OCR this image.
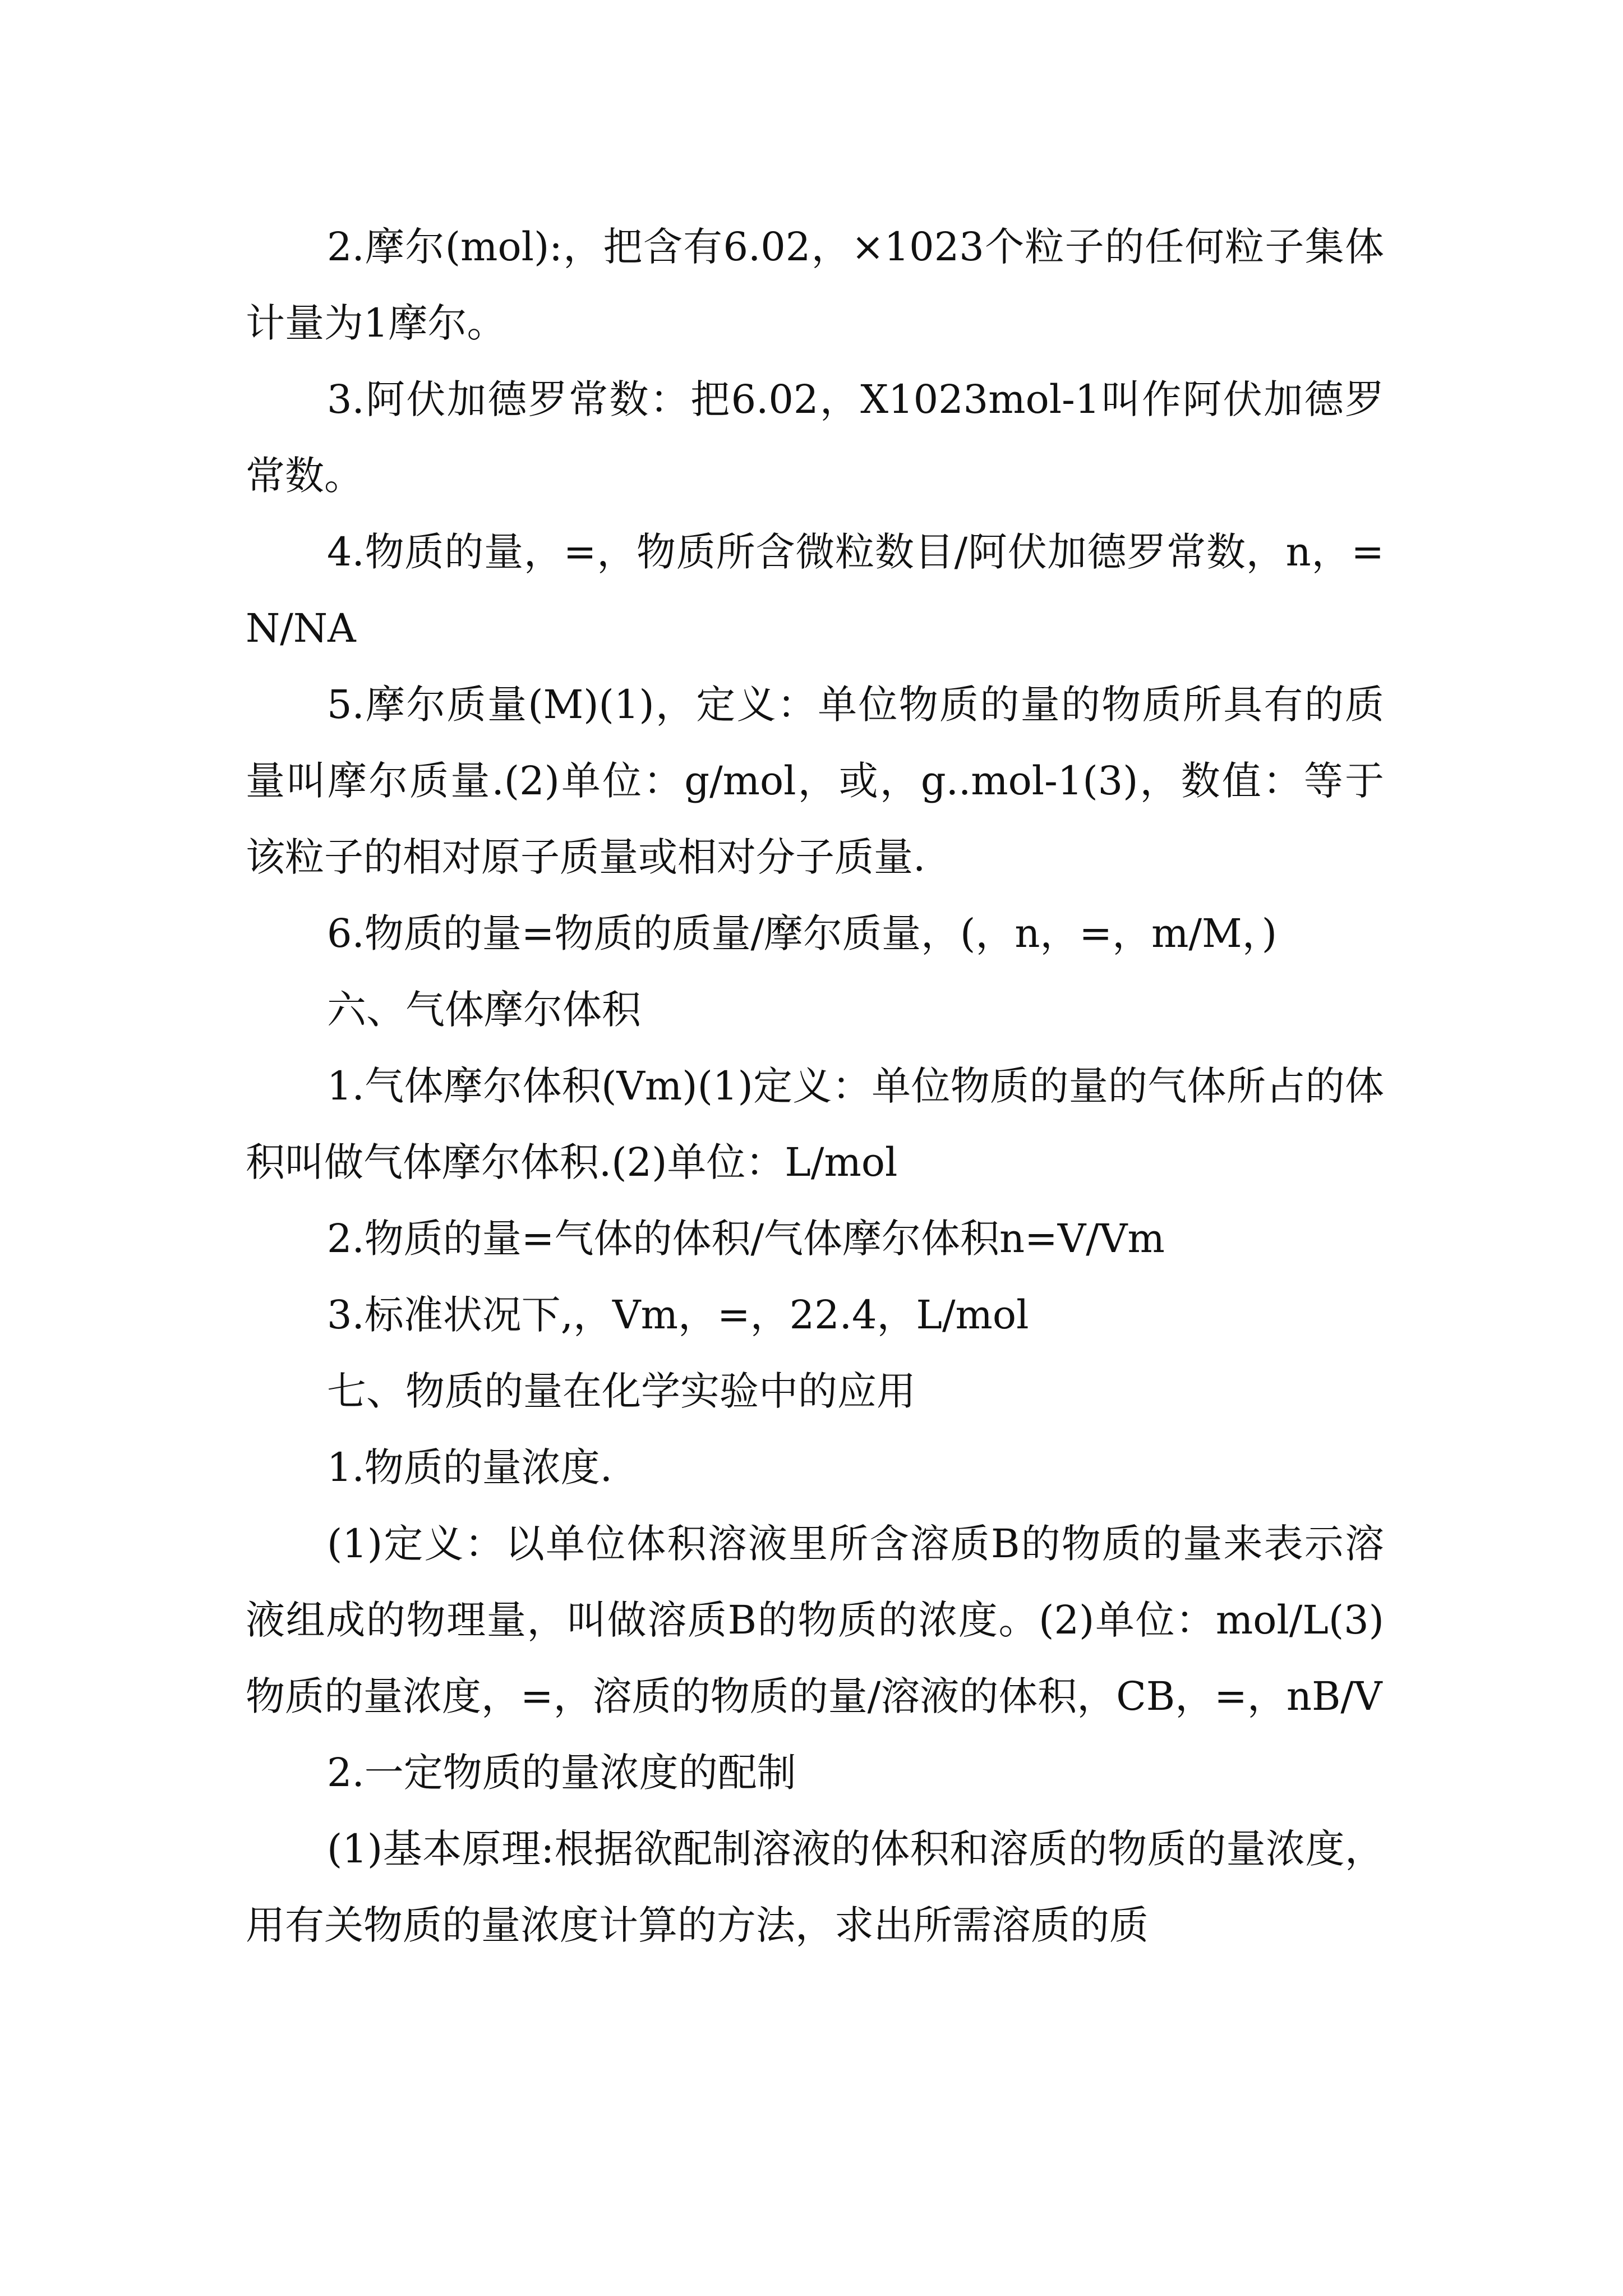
2.摩尔(mol):，把含有6.02，×1023个粒子的任何粒子集体计量为1摩尔。

3.阿伏加德罗常数：把6.02，X1023mol-1叫作阿伏加德罗常数。

4.物质的量，=，物质所含微粒数目/阿伏加德罗常数，n，=N/NA

5.摩尔质量(M)(1)，定义：单位物质的量的物质所具有的质量叫摩尔质量.(2)单位：g/mol，或，g..mol-1(3)，数值：等于该粒子的相对原子质量或相对分子质量.

6.物质的量=物质的质量/摩尔质量，(，n，=，m/M，)

六、气体摩尔体积

1.气体摩尔体积(Vm)(1)定义：单位物质的量的气体所占的体积叫做气体摩尔体积.(2)单位：L/mol

2.物质的量=气体的体积/气体摩尔体积n=V/Vm

3.标准状况下,，Vm，=，22.4，L/mol

七、物质的量在化学实验中的应用

1.物质的量浓度.

(1)定义：以单位体积溶液里所含溶质B的物质的量来表示溶液组成的物理量，叫做溶质B的物质的浓度。(2)单位：mol/L(3)物质的量浓度，=，溶质的物质的量/溶液的体积，CB，=，nB/V

2.一定物质的量浓度的配制

(1)基本原理:根据欲配制溶液的体积和溶质的物质的量浓度，用有关物质的量浓度计算的方法，求出所需溶质的质
